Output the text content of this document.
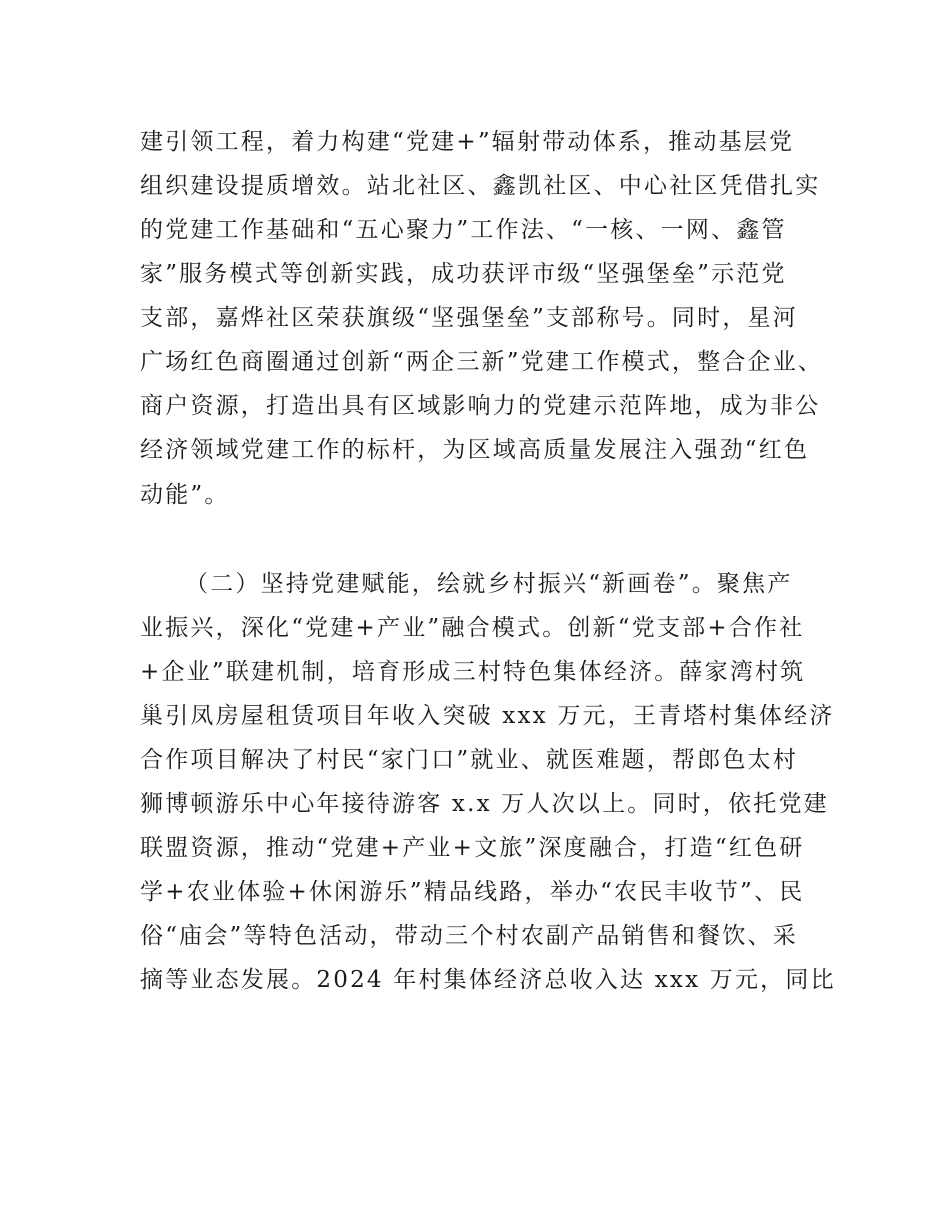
建引领工程，着力构建“党建+”辐射带动体系，推动基层党
组织建设提质增效。站北社区、鑫凯社区、中心社区凭借扎实
的党建工作基础和“五心聚力”工作法、“一核、一网、鑫管
家”服务模式等创新实践，成功获评市级“坚强堡垒”示范党
支部，嘉烨社区荣获旗级“坚强堡垒”支部称号。同时，星河
广场红色商圈通过创新“两企三新”党建工作模式，整合企业、
商户资源，打造出具有区域影响力的党建示范阵地，成为非公
经济领域党建工作的标杆，为区域高质量发展注入强劲“红色
动能”。
（二）坚持党建赋能，绘就乡村振兴“新画卷”。聚焦产
业振兴，深化“党建+产业”融合模式。创新“党支部+合作社
+企业”联建机制，培育形成三村特色集体经济。薛家湾村筑
巢引凤房屋租赁项目年收入突破 xxx 万元，王青塔村集体经济
合作项目解决了村民“家门口”就业、就医难题，帮郎色太村
狮博顿游乐中心年接待游客 x.x 万人次以上。同时，依托党建
联盟资源，推动“党建+产业+文旅”深度融合，打造“红色研
学+农业体验+休闲游乐”精品线路，举办“农民丰收节”、民
俗“庙会”等特色活动，带动三个村农副产品销售和餐饮、采
摘等业态发展。2024 年村集体经济总收入达 xxx 万元，同比
